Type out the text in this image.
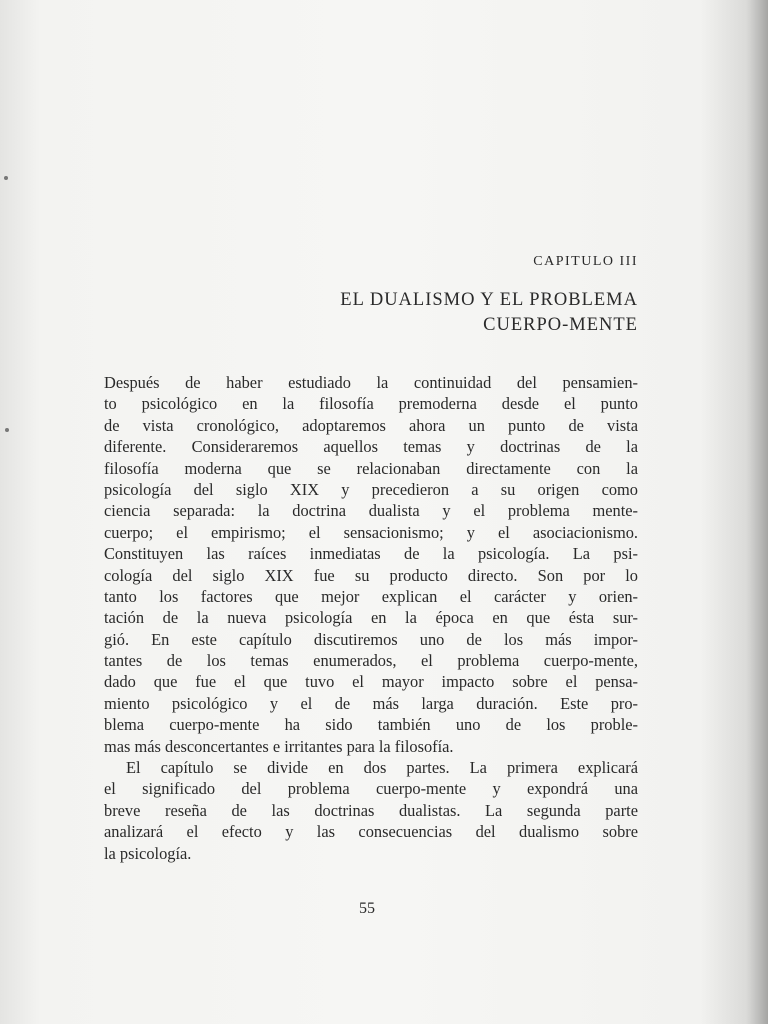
CAPITULO III
EL DUALISMO Y EL PROBLEMA
CUERPO-MENTE
Después de haber estudiado la continuidad del pensamien-
to psicológico en la filosofía premoderna desde el punto
de vista cronológico, adoptaremos ahora un punto de vista
diferente. Consideraremos aquellos temas y doctrinas de la
filosofía moderna que se relacionaban directamente con la
psicología del siglo XIX y precedieron a su origen como
ciencia separada: la doctrina dualista y el problema mente-
cuerpo; el empirismo; el sensacionismo; y el asociacionismo.
Constituyen las raíces inmediatas de la psicología. La psi-
cología del siglo XIX fue su producto directo. Son por lo
tanto los factores que mejor explican el carácter y orien-
tación de la nueva psicología en la época en que ésta sur-
gió. En este capítulo discutiremos uno de los más impor-
tantes de los temas enumerados, el problema cuerpo-mente,
dado que fue el que tuvo el mayor impacto sobre el pensa-
miento psicológico y el de más larga duración. Este pro-
blema cuerpo-mente ha sido también uno de los proble-
mas más desconcertantes e irritantes para la filosofía.
El capítulo se divide en dos partes. La primera explicará
el significado del problema cuerpo-mente y expondrá una
breve reseña de las doctrinas dualistas. La segunda parte
analizará el efecto y las consecuencias del dualismo sobre
la psicología.
55
